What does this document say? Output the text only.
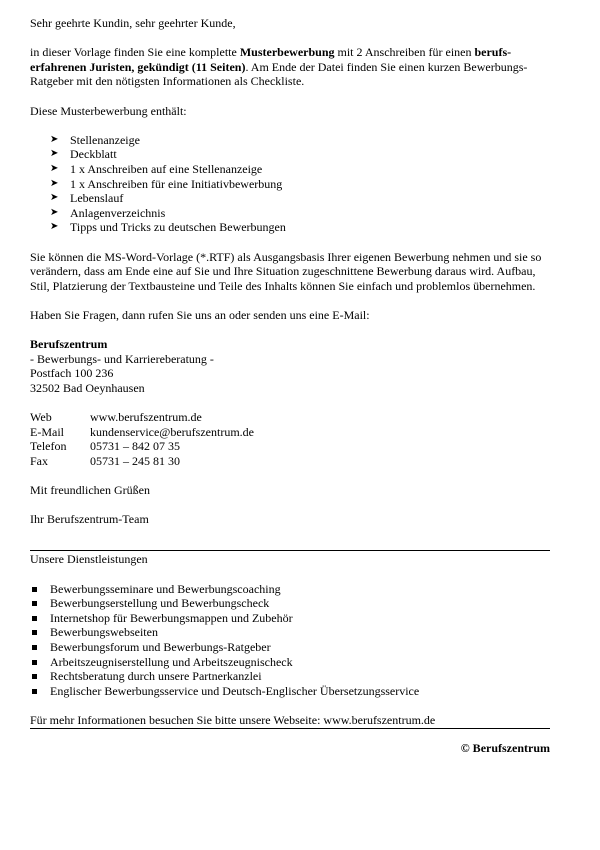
Sehr geehrte Kundin, sehr geehrter Kunde,

in dieser Vorlage finden Sie eine komplette Musterbewerbung mit 2 Anschreiben für einen berufs-erfahrenen Juristen, gekündigt (11 Seiten). Am Ende der Datei finden Sie einen kurzen Bewerbungs-Ratgeber mit den nötigsten Informationen als Checkliste.

Diese Musterbewerbung enthält:

➤ Stellenanzeige
➤ Deckblatt
➤ 1 x Anschreiben auf eine Stellenanzeige
➤ 1 x Anschreiben für eine Initiativbewerbung
➤ Lebenslauf
➤ Anlagenverzeichnis
➤ Tipps und Tricks zu deutschen Bewerbungen

Sie können die MS-Word-Vorlage (*.RTF) als Ausgangsbasis Ihrer eigenen Bewerbung nehmen und sie so verändern, dass am Ende eine auf Sie und Ihre Situation zugeschnittene Bewerbung daraus wird. Aufbau, Stil, Platzierung der Textbausteine und Teile des Inhalts können Sie einfach und problemlos übernehmen.

Haben Sie Fragen, dann rufen Sie uns an oder senden uns eine E-Mail:

Berufszentrum

- Bewerbungs- und Karriereberatung -

Postfach 100 236

32502 Bad Oeynhausen

Web	www.berufszentrum.de
E-Mail	kundenservice@berufszentrum.de
Telefon	05731 – 842 07 35
Fax	05731 – 245 81 30

Mit freundlichen Grüßen

Ihr Berufszentrum-Team

Unsere Dienstleistungen

Bewerbungsseminare und Bewerbungscoaching
Bewerbungserstellung und Bewerbungscheck
Internetshop für Bewerbungsmappen und Zubehör
Bewerbungswebseiten
Bewerbungsforum und Bewerbungs-Ratgeber
Arbeitszeugniserstellung und Arbeitszeugnischeck
Rechtsberatung durch unsere Partnerkanzlei
Englischer Bewerbungsservice und Deutsch-Englischer Übersetzungsservice

Für mehr Informationen besuchen Sie bitte unsere Webseite: www.berufszentrum.de

© Berufszentrum
